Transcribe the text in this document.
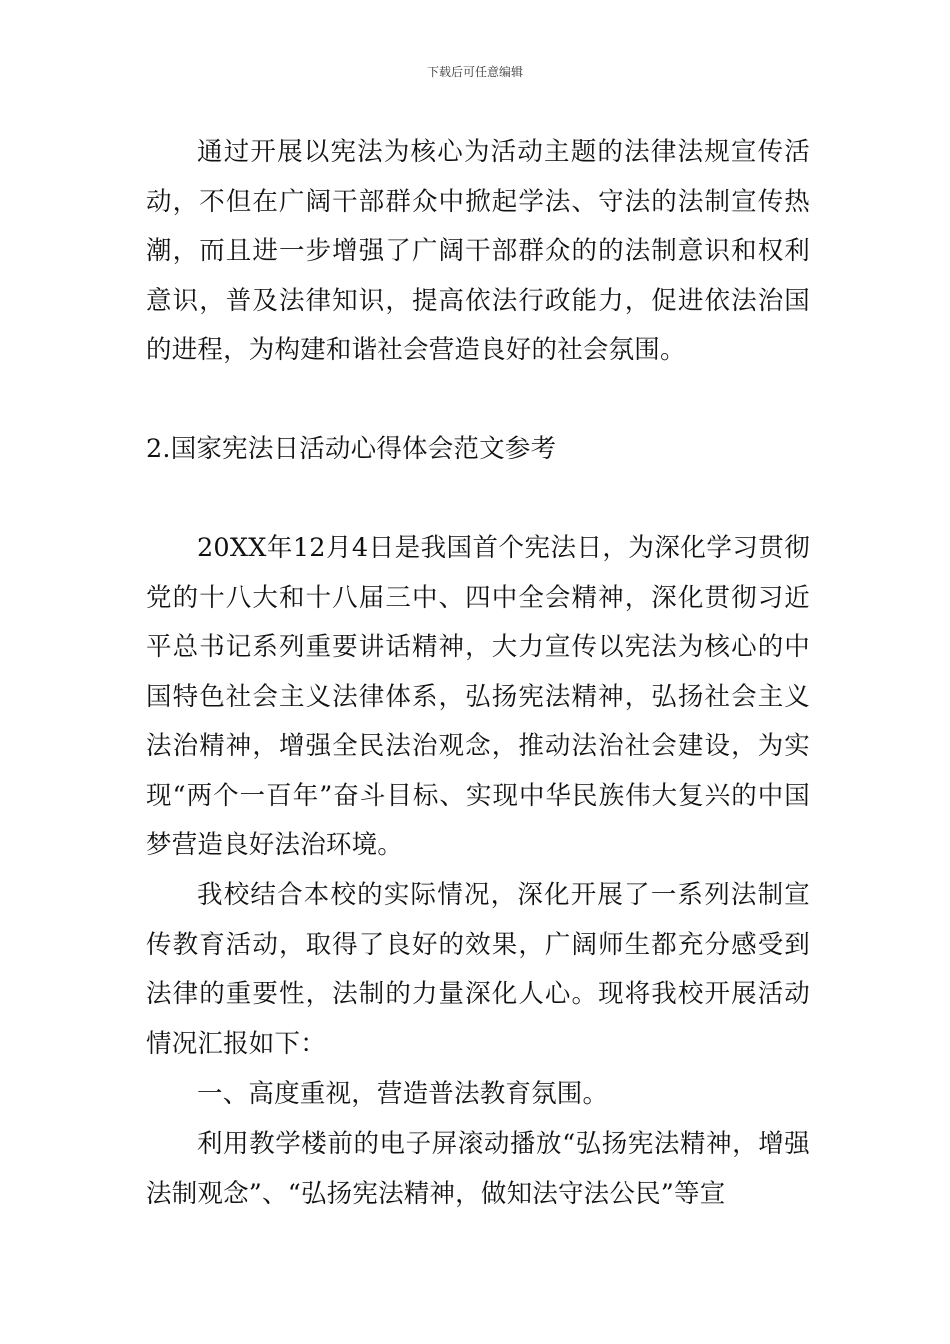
下载后可任意编辑

通过开展以宪法为核心为活动主题的法律法规宣传活动，不但在广阔干部群众中掀起学法、守法的法制宣传热潮，而且进一步增强了广阔干部群众的的法制意识和权利意识，普及法律知识，提高依法行政能力，促进依法治国的进程，为构建和谐社会营造良好的社会氛围。

2.国家宪法日活动心得体会范文参考

20XX年12月4日是我国首个宪法日，为深化学习贯彻党的十八大和十八届三中、四中全会精神，深化贯彻习近平总书记系列重要讲话精神，大力宣传以宪法为核心的中国特色社会主义法律体系，弘扬宪法精神，弘扬社会主义法治精神，增强全民法治观念，推动法治社会建设，为实现“两个一百年”奋斗目标、实现中华民族伟大复兴的中国梦营造良好法治环境。

我校结合本校的实际情况，深化开展了一系列法制宣传教育活动，取得了良好的效果，广阔师生都充分感受到法律的重要性，法制的力量深化人心。现将我校开展活动情况汇报如下：

一、高度重视，营造普法教育氛围。

利用教学楼前的电子屏滚动播放“弘扬宪法精神，增强法制观念”、“弘扬宪法精神，做知法守法公民”等宣
